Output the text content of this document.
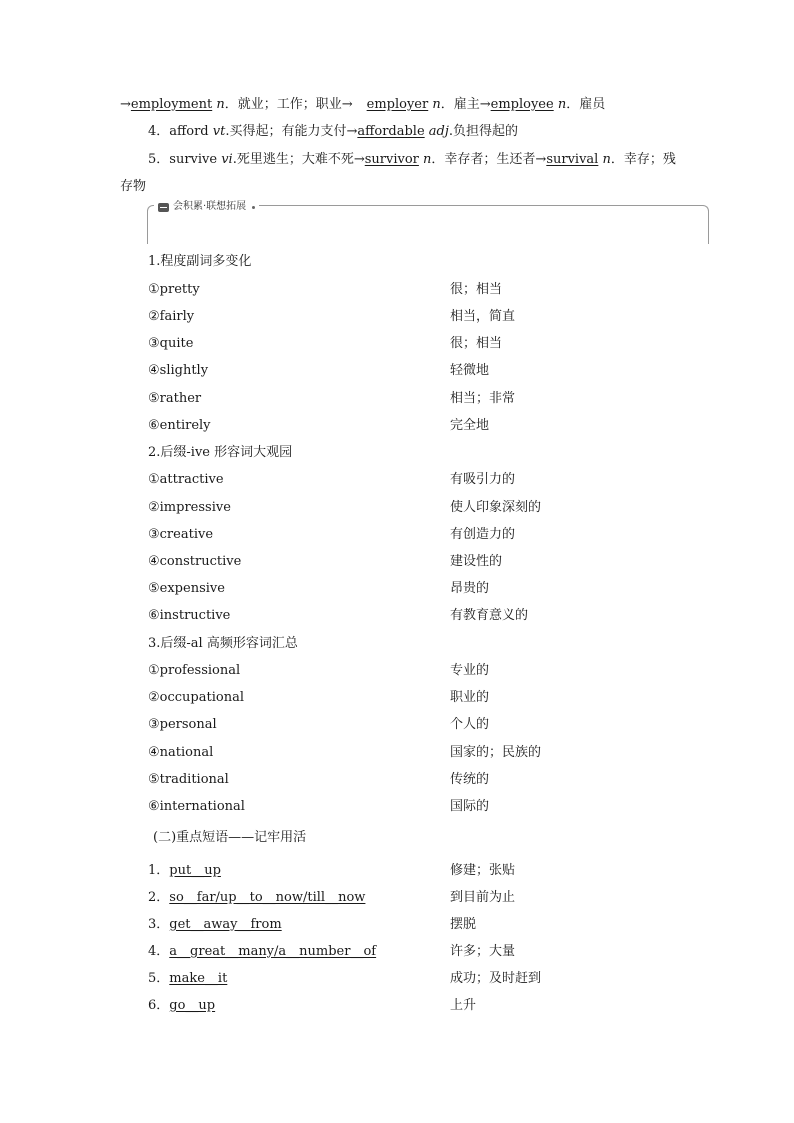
→employment n．就业；工作；职业→ employer n．雇主→employee n．雇员
4．afford vt.买得起；有能力支付→affordable adj.负担得起的
5．survive vi.死里逃生；大难不死→survivor n．幸存者；生还者→survival n．幸存；残
存物
会积累·联想拓展
1.程度副词多变化
①pretty	很；相当
②fairly	相当，简直
③quite	很；相当
④slightly	轻微地
⑤rather	相当；非常
⑥entirely	完全地
2.后缀-ive 形容词大观园
①attractive	有吸引力的
②impressive	使人印象深刻的
③creative	有创造力的
④constructive	建设性的
⑤expensive	昂贵的
⑥instructive	有教育意义的
3.后缀-al 高频形容词汇总
①professional	专业的
②occupational	职业的
③personal	个人的
④national	国家的；民族的
⑤traditional	传统的
⑥international	国际的
(二)重点短语——记牢用活
1．put__up	修建；张贴
2．so__far/up__to__now/till__now	到目前为止
3．get__away__from	摆脱
4．a__great__many/a__number__of	许多；大量
5．make__it	成功；及时赶到
6．go__up	上升
